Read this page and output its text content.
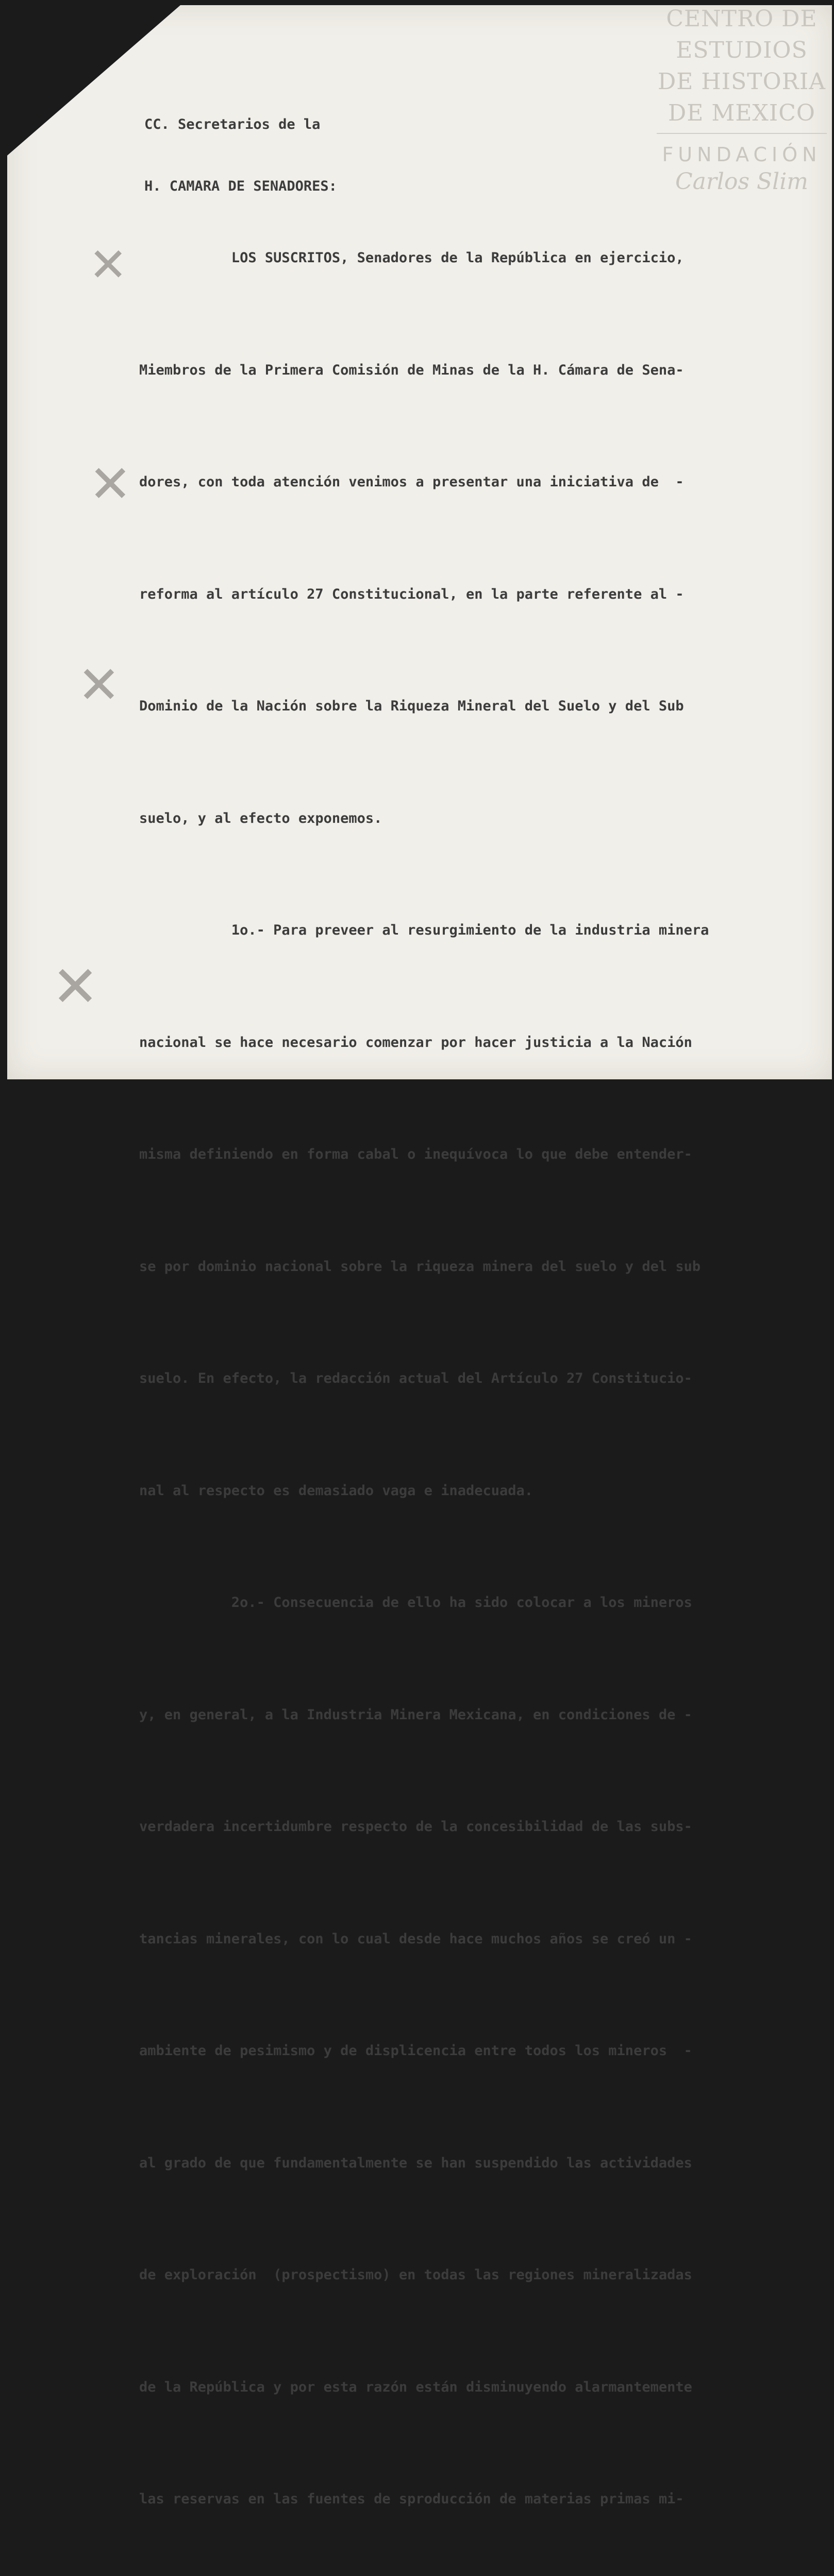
CENTRO DE
ESTUDIOS
DE HISTORIA
DE MEXICO
FUNDACIÓN
Carlos Slim

CC. Secretarios de la

H. CAMARA DE SENADORES:

LOS SUSCRITOS, Senadores de la República en ejercicio,

Miembros de la Primera Comisión de Minas de la H. Cámara de Sena-

dores, con toda atención venimos a presentar una iniciativa de  -

reforma al artículo 27 Constitucional, en la parte referente al -

Dominio de la Nación sobre la Riqueza Mineral del Suelo y del Sub

suelo, y al efecto exponemos.

1o.- Para preveer al resurgimiento de la industria minera

nacional se hace necesario comenzar por hacer justicia a la Nación

misma definiendo en forma cabal o inequívoca lo que debe entender-

se por dominio nacional sobre la riqueza minera del suelo y del sub

suelo. En efecto, la redacción actual del Artículo 27 Constitucio-

nal al respecto es demasiado vaga e inadecuada.

2o.- Consecuencia de ello ha sido colocar a los mineros

y, en general, a la Industria Minera Mexicana, en condiciones de -

verdadera incertidumbre respecto de la concesibilidad de las subs-

tancias minerales, con lo cual desde hace muchos años se creó un -

ambiente de pesimismo y de displicencia entre todos los mineros  -

al grado de que fundamentalmente se han suspendido las actividades

de exploración  (prospectismo) en todas las regiones mineralizadas

de la República y por esta razón están disminuyendo alarmantemente

las reservas en las fuentes de sproducción de materias primas mi-

✕
✕
✕
✕
